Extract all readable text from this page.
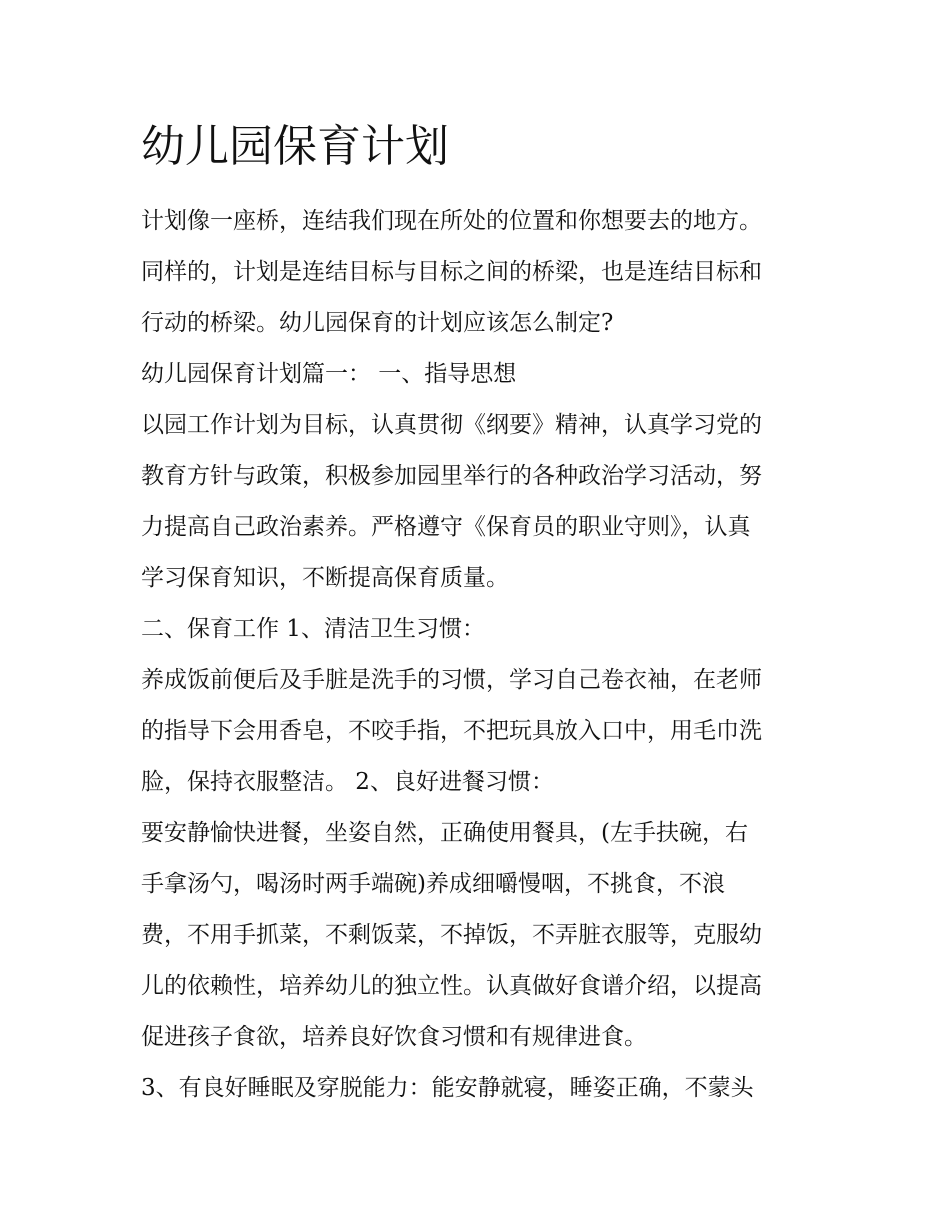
幼儿园保育计划
计划像一座桥，连结我们现在所处的位置和你想要去的地方。
同样的，计划是连结目标与目标之间的桥梁，也是连结目标和
行动的桥梁。幼儿园保育的计划应该怎么制定?
幼儿园保育计划篇一： 一、指导思想
以园工作计划为目标，认真贯彻《纲要》精神，认真学习党的
教育方针与政策，积极参加园里举行的各种政治学习活动，努
力提高自己政治素养。严格遵守《保育员的职业守则》，认真
学习保育知识，不断提高保育质量。
二、保育工作 1、清洁卫生习惯：
养成饭前便后及手脏是洗手的习惯，学习自己卷衣袖，在老师
的指导下会用香皂，不咬手指，不把玩具放入口中，用毛巾洗
脸，保持衣服整洁。 2、良好进餐习惯：
要安静愉快进餐，坐姿自然，正确使用餐具，(左手扶碗，右
手拿汤勺，喝汤时两手端碗)养成细嚼慢咽，不挑食，不浪
费，不用手抓菜，不剩饭菜，不掉饭，不弄脏衣服等，克服幼
儿的依赖性，培养幼儿的独立性。认真做好食谱介绍，以提高
促进孩子食欲，培养良好饮食习惯和有规律进食。
3、有良好睡眠及穿脱能力：能安静就寝，睡姿正确，不蒙头
